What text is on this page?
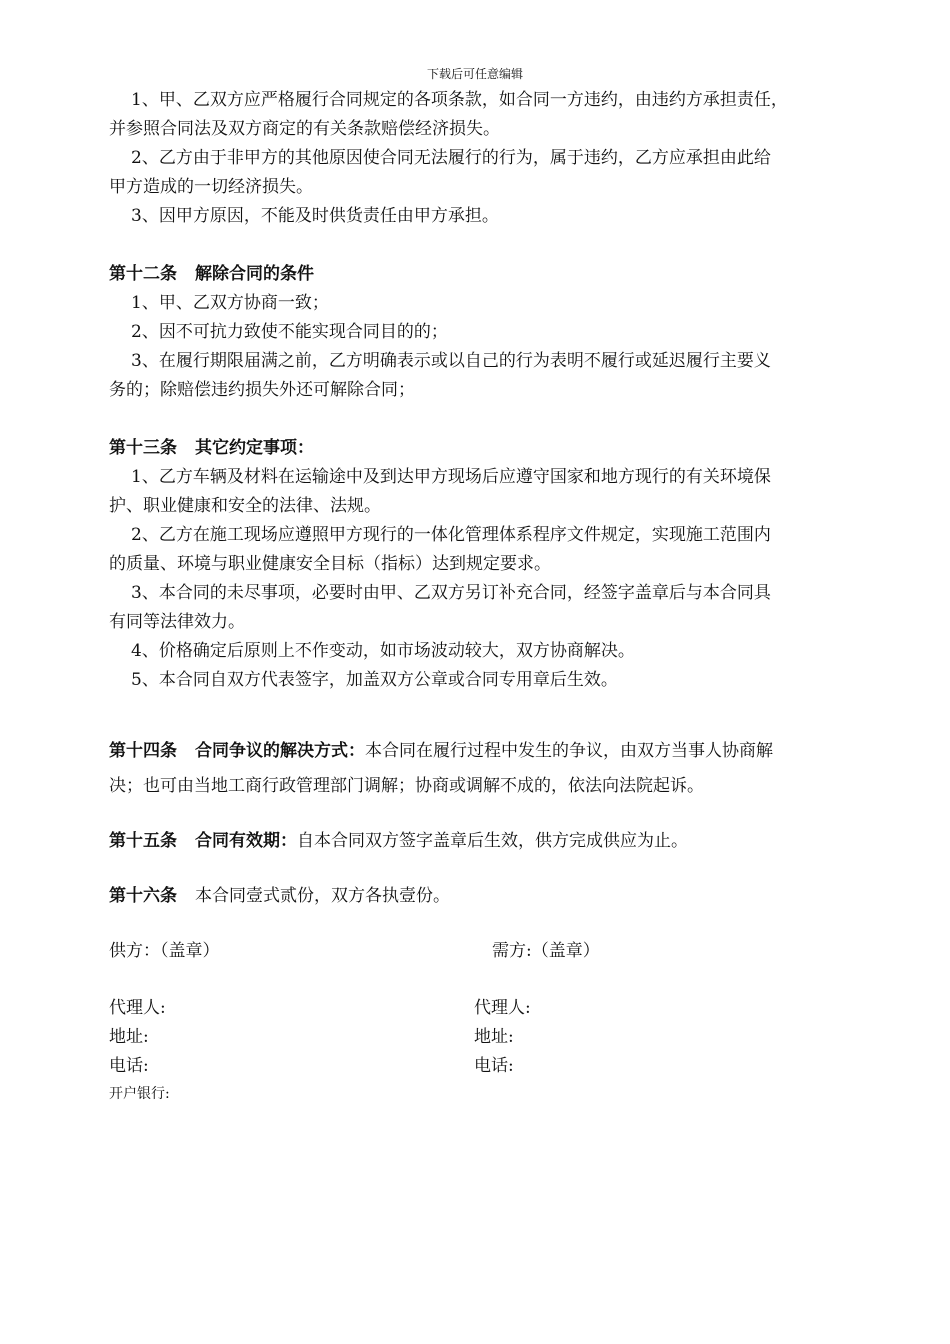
下载后可任意编辑
1、甲、乙双方应严格履行合同规定的各项条款，如合同一方违约，由违约方承担责任，
并参照合同法及双方商定的有关条款赔偿经济损失。
2、乙方由于非甲方的其他原因使合同无法履行的行为，属于违约，乙方应承担由此给
甲方造成的一切经济损失。
3、因甲方原因，不能及时供货责任由甲方承担。
第十二条 解除合同的条件
1、甲、乙双方协商一致；
2、因不可抗力致使不能实现合同目的的；
3、在履行期限届满之前，乙方明确表示或以自己的行为表明不履行或延迟履行主要义
务的；除赔偿违约损失外还可解除合同；
第十三条 其它约定事项：
1、乙方车辆及材料在运输途中及到达甲方现场后应遵守国家和地方现行的有关环境保
护、职业健康和安全的法律、法规。
2、乙方在施工现场应遵照甲方现行的一体化管理体系程序文件规定，实现施工范围内
的质量、环境与职业健康安全目标（指标）达到规定要求。
3、本合同的未尽事项，必要时由甲、乙双方另订补充合同，经签字盖章后与本合同具
有同等法律效力。
4、价格确定后原则上不作变动，如市场波动较大，双方协商解决。
5、本合同自双方代表签字，加盖双方公章或合同专用章后生效。
第十四条 合同争议的解决方式：本合同在履行过程中发生的争议，由双方当事人协商解
决；也可由当地工商行政管理部门调解；协商或调解不成的，依法向法院起诉。
第十五条 合同有效期：自本合同双方签字盖章后生效，供方完成供应为止。
第十六条 本合同壹式贰份，双方各执壹份。
供方：（盖章）	需方:（盖章）
代理人:
地址:
电话:
开户银行:
代理人:
地址:
电话:
